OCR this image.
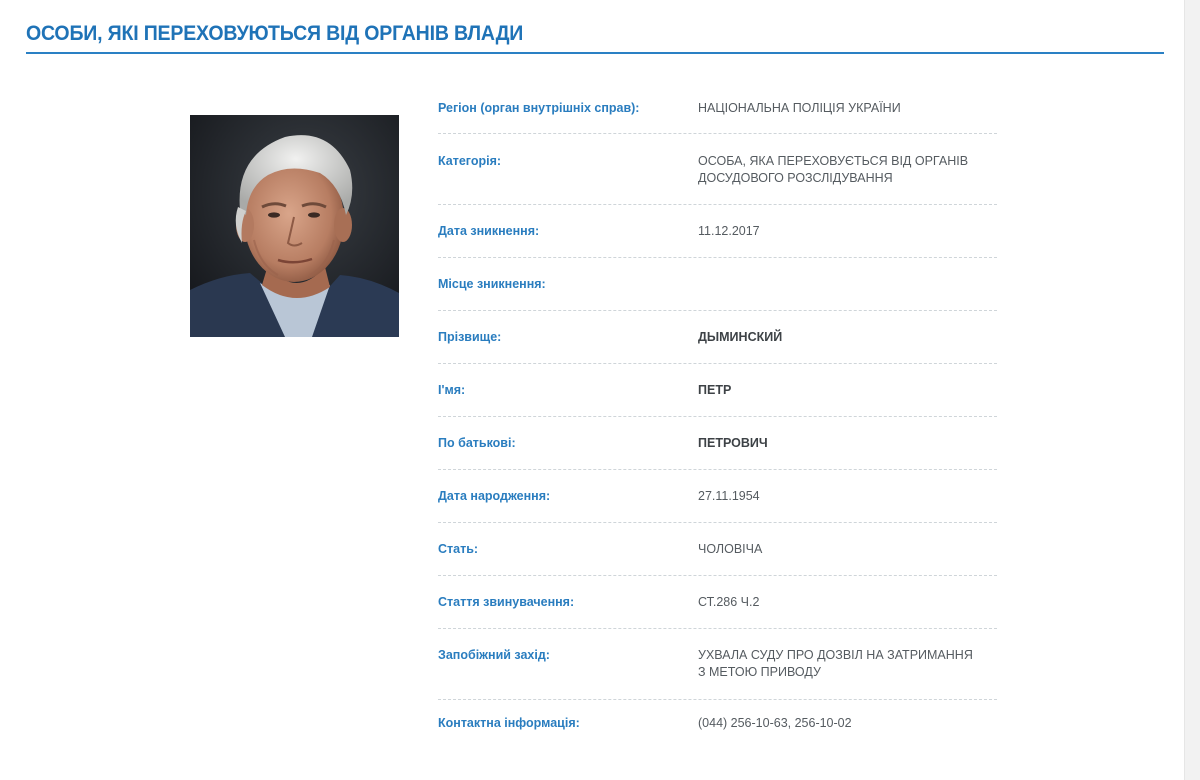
ОСОБИ, ЯКІ ПЕРЕХОВУЮТЬСЯ ВІД ОРГАНІВ ВЛАДИ
Регіон (орган внутрішніх справ):	НАЦІОНАЛЬНА ПОЛІЦІЯ УКРАЇНИ
Категорія:	ОСОБА, ЯКА ПЕРЕХОВУЄТЬСЯ ВІД ОРГАНІВ
ДОСУДОВОГО РОЗСЛІДУВАННЯ
Дата зникнення:	11.12.2017
Місце зникнення:
Прізвище:	ДЫМИНСКИЙ
І'мя:	ПЕТР
По батькові:	ПЕТРОВИЧ
Дата народження:	27.11.1954
Стать:	ЧОЛОВІЧА
Стаття звинувачення:	СТ.286 Ч.2
Запобіжний захід:	УХВАЛА СУДУ ПРО ДОЗВІЛ НА ЗАТРИМАННЯ
З МЕТОЮ ПРИВОДУ
Контактна інформація:	(044) 256-10-63, 256-10-02
